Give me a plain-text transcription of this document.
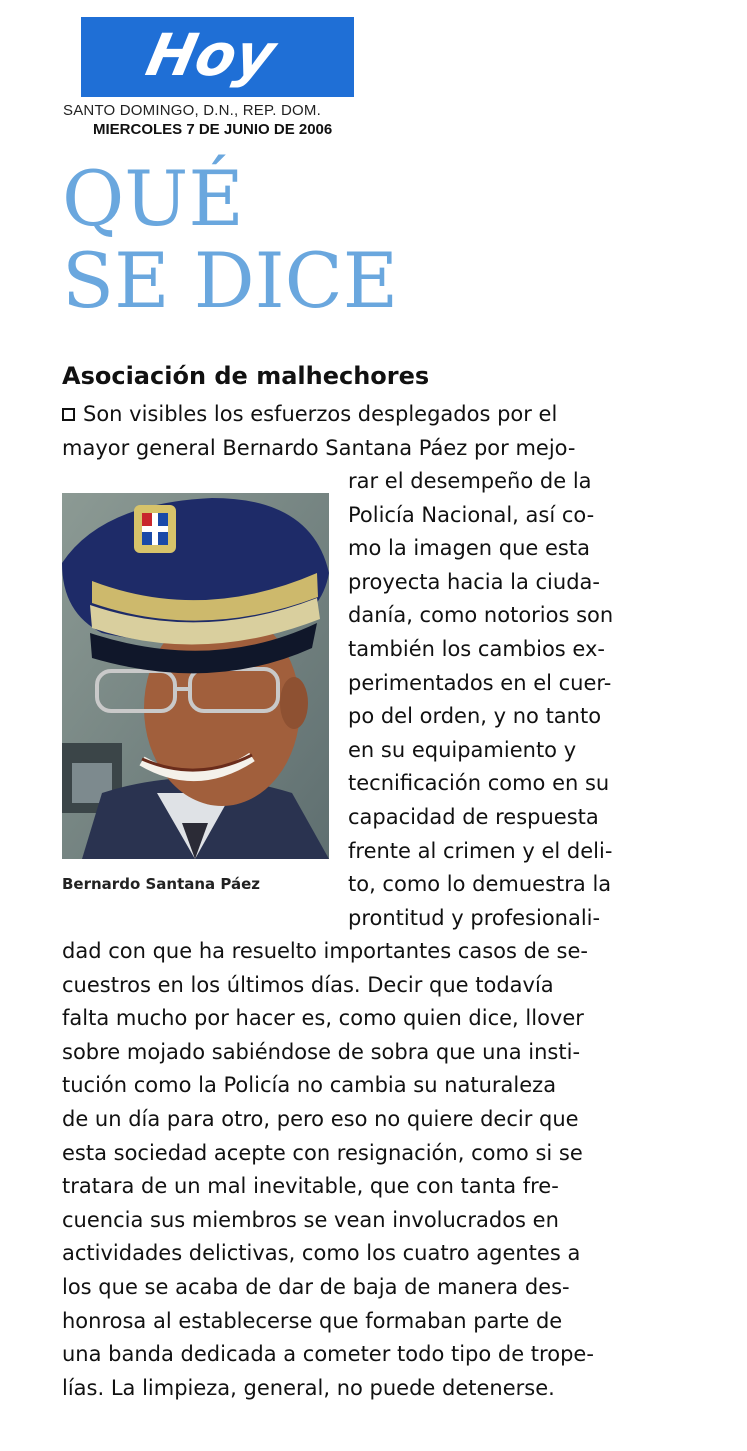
Hoy
SANTO DOMINGO, D.N., REP. DOM.
MIERCOLES 7 DE JUNIO DE 2006
QUÉ
SE DICE
Asociación de malhechores
Son visibles los esfuerzos desplegados por el
mayor general Bernardo Santana Páez por mejo-
Bernardo Santana Páez
rar el desempeño de la
Policía Nacional, así co-
mo la imagen que esta
proyecta hacia la ciuda-
danía, como notorios son
también los cambios ex-
perimentados en el cuer-
po del orden, y no tanto
en su equipamiento y
tecnificación como en su
capacidad de respuesta
frente al crimen y el deli-
to, como lo demuestra la
prontitud y profesionali-
dad con que ha resuelto importantes casos de se-
cuestros en los últimos días. Decir que todavía
falta mucho por hacer es, como quien dice, llover
sobre mojado sabiéndose de sobra que una insti-
tución como la Policía no cambia su naturaleza
de un día para otro, pero eso no quiere decir que
esta sociedad acepte con resignación, como si se
tratara de un mal inevitable, que con tanta fre-
cuencia sus miembros se vean involucrados en
actividades delictivas, como los cuatro agentes a
los que se acaba de dar de baja de manera des-
honrosa al establecerse que formaban parte de
una banda dedicada a cometer todo tipo de trope-
lías. La limpieza, general, no puede detenerse.
